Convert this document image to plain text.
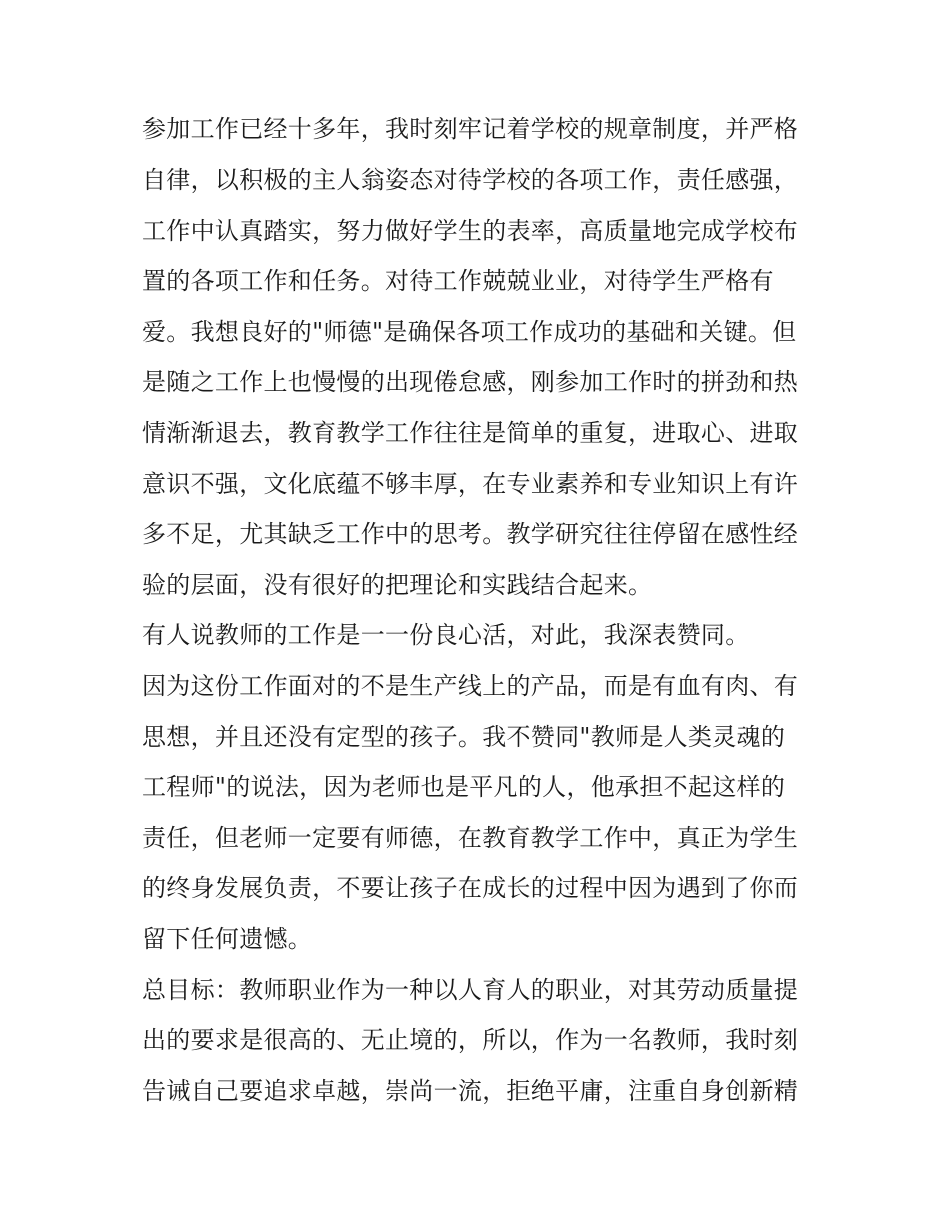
参加工作已经十多年，我时刻牢记着学校的规章制度，并严格
自律，以积极的主人翁姿态对待学校的各项工作，责任感强，
工作中认真踏实，努力做好学生的表率，高质量地完成学校布
置的各项工作和任务。对待工作兢兢业业，对待学生严格有
爱。我想良好的"师德"是确保各项工作成功的基础和关键。但
是随之工作上也慢慢的出现倦怠感，刚参加工作时的拼劲和热
情渐渐退去，教育教学工作往往是简单的重复，进取心、进取
意识不强，文化底蕴不够丰厚，在专业素养和专业知识上有许
多不足，尤其缺乏工作中的思考。教学研究往往停留在感性经
验的层面，没有很好的把理论和实践结合起来。
有人说教师的工作是一一份良心活，对此，我深表赞同。
因为这份工作面对的不是生产线上的产品，而是有血有肉、有
思想，并且还没有定型的孩子。我不赞同"教师是人类灵魂的
工程师"的说法，因为老师也是平凡的人，他承担不起这样的
责任，但老师一定要有师德，在教育教学工作中，真正为学生
的终身发展负责，不要让孩子在成长的过程中因为遇到了你而
留下任何遗憾。
总目标：教师职业作为一种以人育人的职业，对其劳动质量提
出的要求是很高的、无止境的，所以，作为一名教师，我时刻
告诫自己要追求卓越，崇尚一流，拒绝平庸，注重自身创新精
